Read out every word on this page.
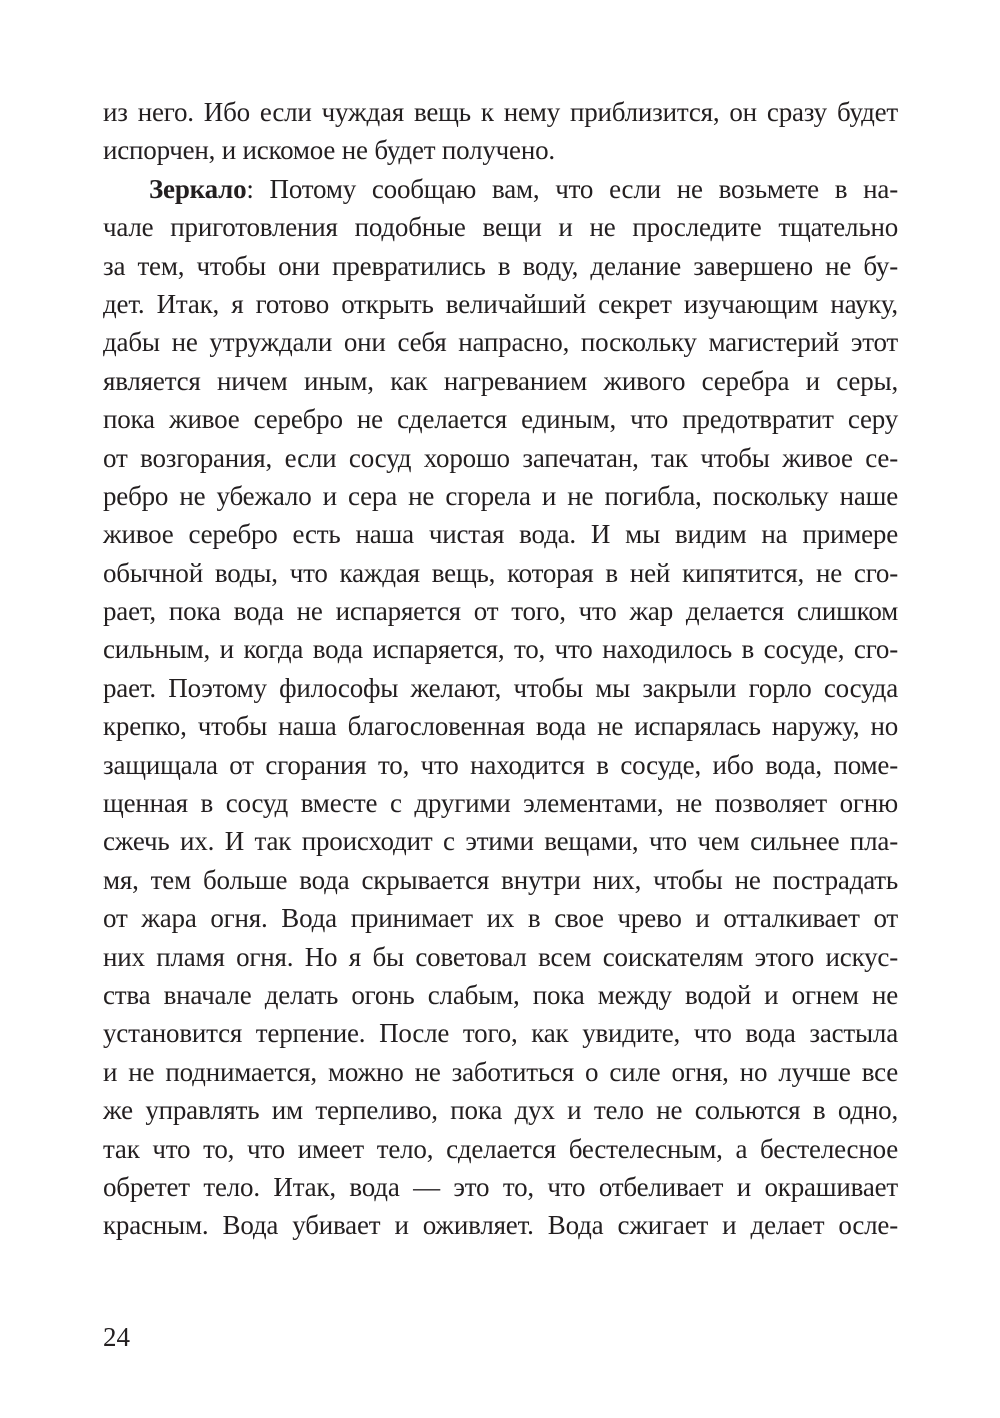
из него. Ибо если чуждая вещь к нему приблизится, он сразу будет
испорчен, и искомое не будет получено.
Зеркало: Потому сообщаю вам, что если не возьмете в на-
чале приготовления подобные вещи и не проследите тщательно
за тем, чтобы они превратились в воду, делание завершено не бу-
дет. Итак, я готово открыть величайший секрет изучающим науку,
дабы не утруждали они себя напрасно, поскольку магистерий этот
является ничем иным, как нагреванием живого серебра и серы,
пока живое серебро не сделается единым, что предотвратит серу
от возгорания, если сосуд хорошо запечатан, так чтобы живое се-
ребро не убежало и сера не сгорела и не погибла, поскольку наше
живое серебро есть наша чистая вода. И мы видим на примере
обычной воды, что каждая вещь, которая в ней кипятится, не сго-
рает, пока вода не испаряется от того, что жар делается слишком
сильным, и когда вода испаряется, то, что находилось в сосуде, сго-
рает. Поэтому философы желают, чтобы мы закрыли горло сосуда
крепко, чтобы наша благословенная вода не испарялась наружу, но
защищала от сгорания то, что находится в сосуде, ибо вода, поме-
щенная в сосуд вместе с другими элементами, не позволяет огню
сжечь их. И так происходит с этими вещами, что чем сильнее пла-
мя, тем больше вода скрывается внутри них, чтобы не пострадать
от жара огня. Вода принимает их в свое чрево и отталкивает от
них пламя огня. Но я бы советовал всем соискателям этого искус-
ства вначале делать огонь слабым, пока между водой и огнем не
установится терпение. После того, как увидите, что вода застыла
и не поднимается, можно не заботиться о силе огня, но лучше все
же управлять им терпеливо, пока дух и тело не сольются в одно,
так что то, что имеет тело, сделается бестелесным, а бестелесное
обретет тело. Итак, вода — это то, что отбеливает и окрашивает
красным. Вода убивает и оживляет. Вода сжигает и делает осле-
24
